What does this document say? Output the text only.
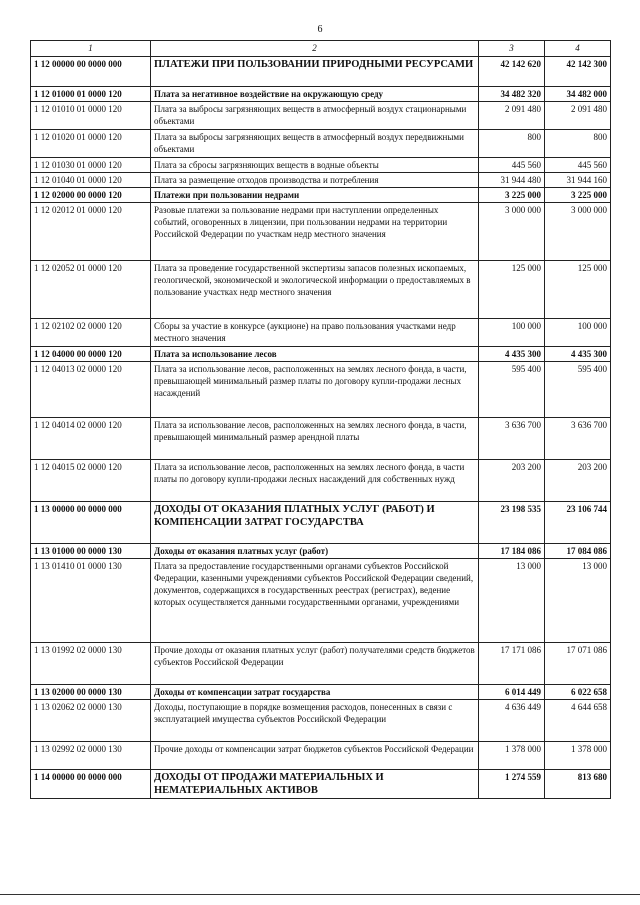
6
1	2	3	4
1 12 00000 00 0000 000	ПЛАТЕЖИ ПРИ ПОЛЬЗОВАНИИ ПРИРОДНЫМИ РЕСУРСАМИ	42 142 620	42 142 300
1 12 01000 01 0000 120	Плата за негативное воздействие на окружающую среду	34 482 320	34 482 000
1 12 01010 01 0000 120	Плата за выбросы загрязняющих веществ в атмосферный воздух стационарными объектами	2 091 480	2 091 480
1 12 01020 01 0000 120	Плата за выбросы загрязняющих веществ в атмосферный воздух передвижными объектами	800	800
1 12 01030 01 0000 120	Плата за сбросы загрязняющих веществ в водные объекты	445 560	445 560
1 12 01040 01 0000 120	Плата за размещение отходов производства и потребления	31 944 480	31 944 160
1 12 02000 00 0000 120	Платежи при пользовании недрами	3 225 000	3 225 000
1 12 02012 01 0000 120	Разовые платежи за пользование недрами при наступлении определенных событий, оговоренных в лицензии, при пользовании недрами на территории Российской Федерации по участкам недр местного значения	3 000 000	3 000 000
1 12 02052 01 0000 120	Плата за проведение государственной экспертизы запасов полезных ископаемых, геологической, экономической и экологической информации о предоставляемых в пользование участках недр местного значения	125 000	125 000
1 12 02102 02 0000 120	Сборы за участие в конкурсе (аукционе) на право пользования участками недр местного значения	100 000	100 000
1 12 04000 00 0000 120	Плата за использование лесов	4 435 300	4 435 300
1 12 04013 02 0000 120	Плата за использование лесов, расположенных на землях лесного фонда, в части, превышающей минимальный размер платы по договору купли-продажи лесных насаждений	595 400	595 400
1 12 04014 02 0000 120	Плата за использование лесов, расположенных на землях лесного фонда, в части, превышающей минимальный размер арендной платы	3 636 700	3 636 700
1 12 04015 02 0000 120	Плата за использование лесов, расположенных на землях лесного фонда, в части платы по договору купли-продажи лесных насаждений для собственных нужд	203 200	203 200
1 13 00000 00 0000 000	ДОХОДЫ ОТ ОКАЗАНИЯ ПЛАТНЫХ УСЛУГ (РАБОТ) И КОМПЕНСАЦИИ ЗАТРАТ ГОСУДАРСТВА	23 198 535	23 106 744
1 13 01000 00 0000 130	Доходы от оказания платных услуг (работ)	17 184 086	17 084 086
1 13 01410 01 0000 130	Плата за предоставление государственными органами субъектов Российской Федерации, казенными учреждениями субъектов Российской Федерации сведений, документов, содержащихся в государственных реестрах (регистрах), ведение которых осуществляется данными государственными органами, учреждениями	13 000	13 000
1 13 01992 02 0000 130	Прочие доходы от оказания платных услуг (работ) получателями средств бюджетов субъектов Российской Федерации	17 171 086	17 071 086
1 13 02000 00 0000 130	Доходы от компенсации затрат государства	6 014 449	6 022 658
1 13 02062 02 0000 130	Доходы, поступающие в порядке возмещения расходов, понесенных в связи с эксплуатацией имущества субъектов Российской Федерации	4 636 449	4 644 658
1 13 02992 02 0000 130	Прочие доходы от компенсации затрат бюджетов субъектов Российской Федерации	1 378 000	1 378 000
1 14 00000 00 0000 000	ДОХОДЫ ОТ ПРОДАЖИ МАТЕРИАЛЬНЫХ И НЕМАТЕРИАЛЬНЫХ АКТИВОВ	1 274 559	813 680
